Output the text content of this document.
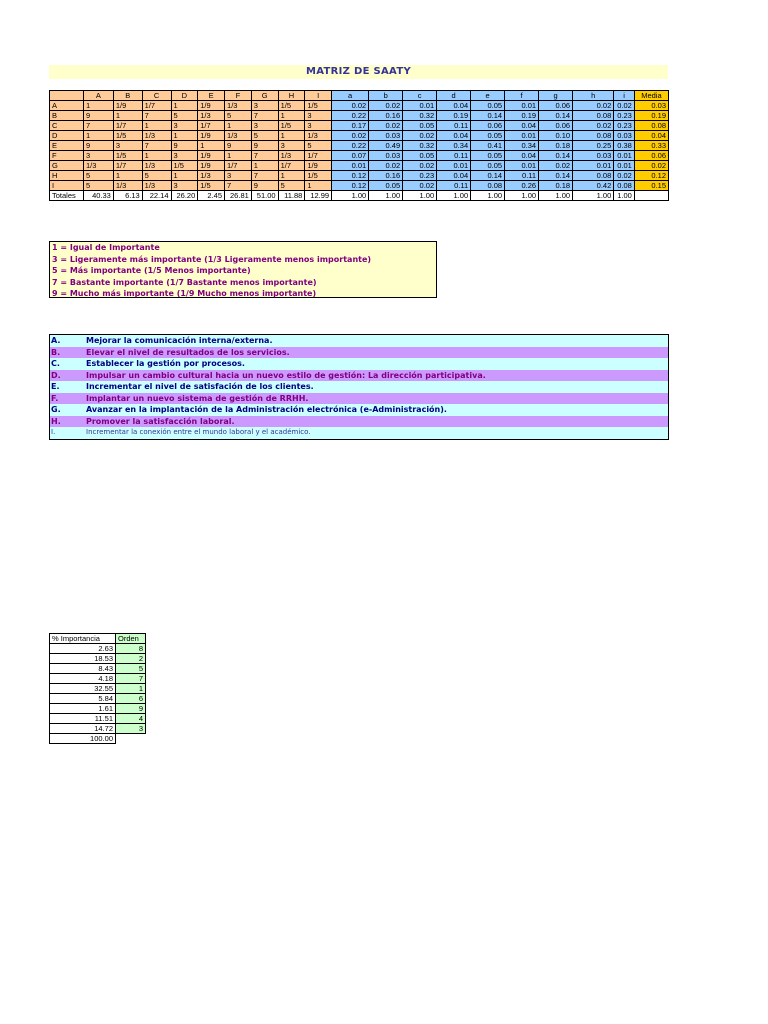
MATRIZ DE SAATY
	A	B	C	D	E	F	G	H	I	a	b	c	d	e	f	g	h	i	Media
A	1	1/9	1/7	1	1/9	1/3	3	1/5	1/5	0.02	0.02	0.01	0.04	0.05	0.01	0.06	0.02	0.02	0.03
B	9	1	7	5	1/3	5	7	1	3	0.22	0.16	0.32	0.19	0.14	0.19	0.14	0.08	0.23	0.19
C	7	1/7	1	3	1/7	1	3	1/5	3	0.17	0.02	0.05	0.11	0.06	0.04	0.06	0.02	0.23	0.08
D	1	1/5	1/3	1	1/9	1/3	5	1	1/3	0.02	0.03	0.02	0.04	0.05	0.01	0.10	0.08	0.03	0.04
E	9	3	7	9	1	9	9	3	5	0.22	0.49	0.32	0.34	0.41	0.34	0.18	0.25	0.38	0.33
F	3	1/5	1	3	1/9	1	7	1/3	1/7	0.07	0.03	0.05	0.11	0.05	0.04	0.14	0.03	0.01	0.06
G	1/3	1/7	1/3	1/5	1/9	1/7	1	1/7	1/9	0.01	0.02	0.02	0.01	0.05	0.01	0.02	0.01	0.01	0.02
H	5	1	5	1	1/3	3	7	1	1/5	0.12	0.16	0.23	0.04	0.14	0.11	0.14	0.08	0.02	0.12
I	5	1/3	1/3	3	1/5	7	9	5	1	0.12	0.05	0.02	0.11	0.08	0.26	0.18	0.42	0.08	0.15
Totales	40.33	6.13	22.14	26.20	2.45	26.81	51.00	11.88	12.99	1.00	1.00	1.00	1.00	1.00	1.00	1.00	1.00	1.00	
1 = Igual de Importante
3 = Ligeramente más importante (1/3 Ligeramente menos importante)
5 = Más importante (1/5 Menos importante)
7 = Bastante importante (1/7 Bastante menos importante)
9 = Mucho más importante (1/9 Mucho menos importante)
A.	Mejorar la comunicación interna/externa.
B.	Elevar el nivel de resultados de los servicios.
C.	Establecer la gestión por procesos.
D.	Impulsar un cambio cultural hacia un nuevo estilo de gestión: La dirección participativa.
E.	Incrementar el nivel de satisfación de los clientes.
F.	Implantar un nuevo sistema de gestión de RRHH.
G.	Avanzar en la implantación de la Administración electrónica (e-Administración).
H.	Promover la satisfacción laboral.
I.	Incrementar la conexión entre el mundo laboral y el académico.
% Importancia	Orden
2.63	8
18.53	2
8.43	5
4.18	7
32.55	1
5.84	6
1.61	9
11.51	4
14.72	3
100.00	
